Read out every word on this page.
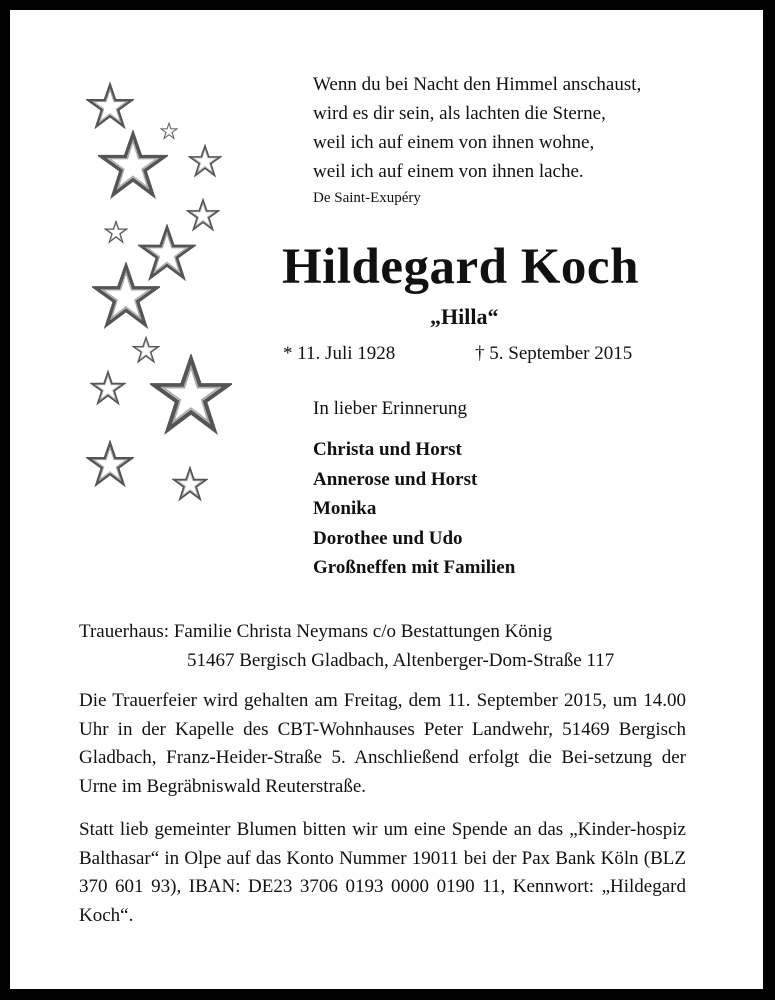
Wenn du bei Nacht den Himmel anschaust,
wird es dir sein, als lachten die Sterne,
weil ich auf einem von ihnen wohne,
weil ich auf einem von ihnen lache.
De Saint-Exupéry
Hildegard Koch
„Hilla“
* 11. Juli 1928	† 5. September 2015
In lieber Erinnerung
Christa und Horst
Annerose und Horst
Monika
Dorothee und Udo
Großneffen mit Familien
Trauerhaus: Familie Christa Neymans c/o Bestattungen König
51467 Bergisch Gladbach, Altenberger-Dom-Straße 117
Die Trauerfeier wird gehalten am Freitag, dem 11. September 2015, um 14.00 Uhr in der Kapelle des CBT-Wohnhauses Peter Landwehr, 51469 Bergisch Gladbach, Franz-Heider-Straße 5. Anschließend erfolgt die Bei-setzung der Urne im Begräbniswald Reuterstraße.
Statt lieb gemeinter Blumen bitten wir um eine Spende an das „Kinder-hospiz Balthasar“ in Olpe auf das Konto Nummer 19011 bei der Pax Bank Köln (BLZ 370 601 93), IBAN: DE23 3706 0193 0000 0190 11, Kennwort: „Hildegard Koch“.
